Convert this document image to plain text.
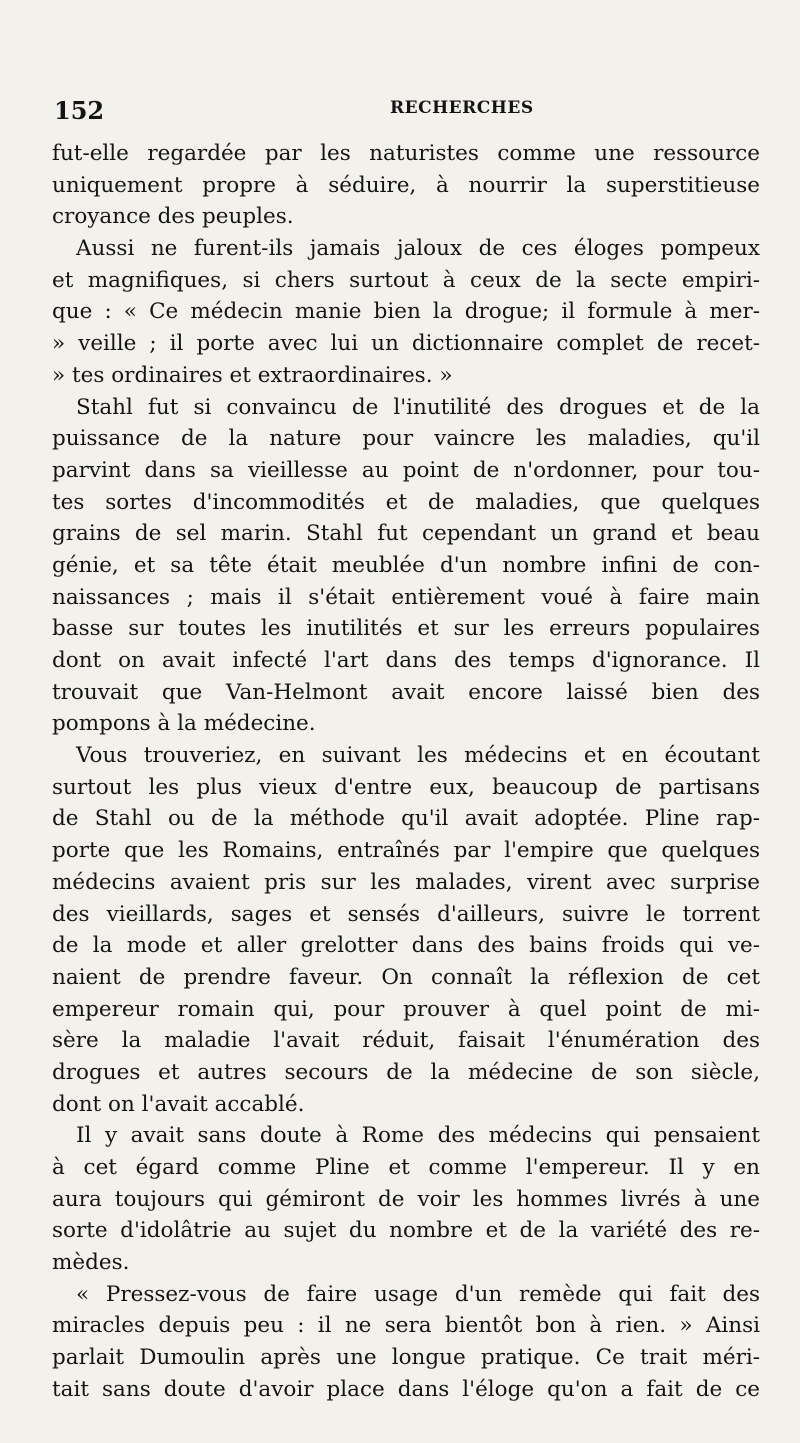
152	RECHERCHES

fut-elle regardée par les naturistes comme une ressource
uniquement propre à séduire, à nourrir la superstitieuse
croyance des peuples.

Aussi ne furent-ils jamais jaloux de ces éloges pompeux
et magnifiques, si chers surtout à ceux de la secte empiri-
que : « Ce médecin manie bien la drogue; il formule à mer-
» veille ; il porte avec lui un dictionnaire complet de recet-
» tes ordinaires et extraordinaires. »

Stahl fut si convaincu de l'inutilité des drogues et de la
puissance de la nature pour vaincre les maladies, qu'il
parvint dans sa vieillesse au point de n'ordonner, pour tou-
tes sortes d'incommodités et de maladies, que quelques
grains de sel marin. Stahl fut cependant un grand et beau
génie, et sa tête était meublée d'un nombre infini de con-
naissances ; mais il s'était entièrement voué à faire main
basse sur toutes les inutilités et sur les erreurs populaires
dont on avait infecté l'art dans des temps d'ignorance. Il
trouvait que Van-Helmont avait encore laissé bien des
pompons à la médecine.

Vous trouveriez, en suivant les médecins et en écoutant
surtout les plus vieux d'entre eux, beaucoup de partisans
de Stahl ou de la méthode qu'il avait adoptée. Pline rap-
porte que les Romains, entraînés par l'empire que quelques
médecins avaient pris sur les malades, virent avec surprise
des vieillards, sages et sensés d'ailleurs, suivre le torrent
de la mode et aller grelotter dans des bains froids qui ve-
naient de prendre faveur. On connaît la réflexion de cet
empereur romain qui, pour prouver à quel point de mi-
sère la maladie l'avait réduit, faisait l'énumération des
drogues et autres secours de la médecine de son siècle,
dont on l'avait accablé.

Il y avait sans doute à Rome des médecins qui pensaient
à cet égard comme Pline et comme l'empereur. Il y en
aura toujours qui gémiront de voir les hommes livrés à une
sorte d'idolâtrie au sujet du nombre et de la variété des re-
mèdes.

« Pressez-vous de faire usage d'un remède qui fait des
miracles depuis peu : il ne sera bientôt bon à rien. » Ainsi
parlait Dumoulin après une longue pratique. Ce trait méri-
tait sans doute d'avoir place dans l'éloge qu'on a fait de ce
